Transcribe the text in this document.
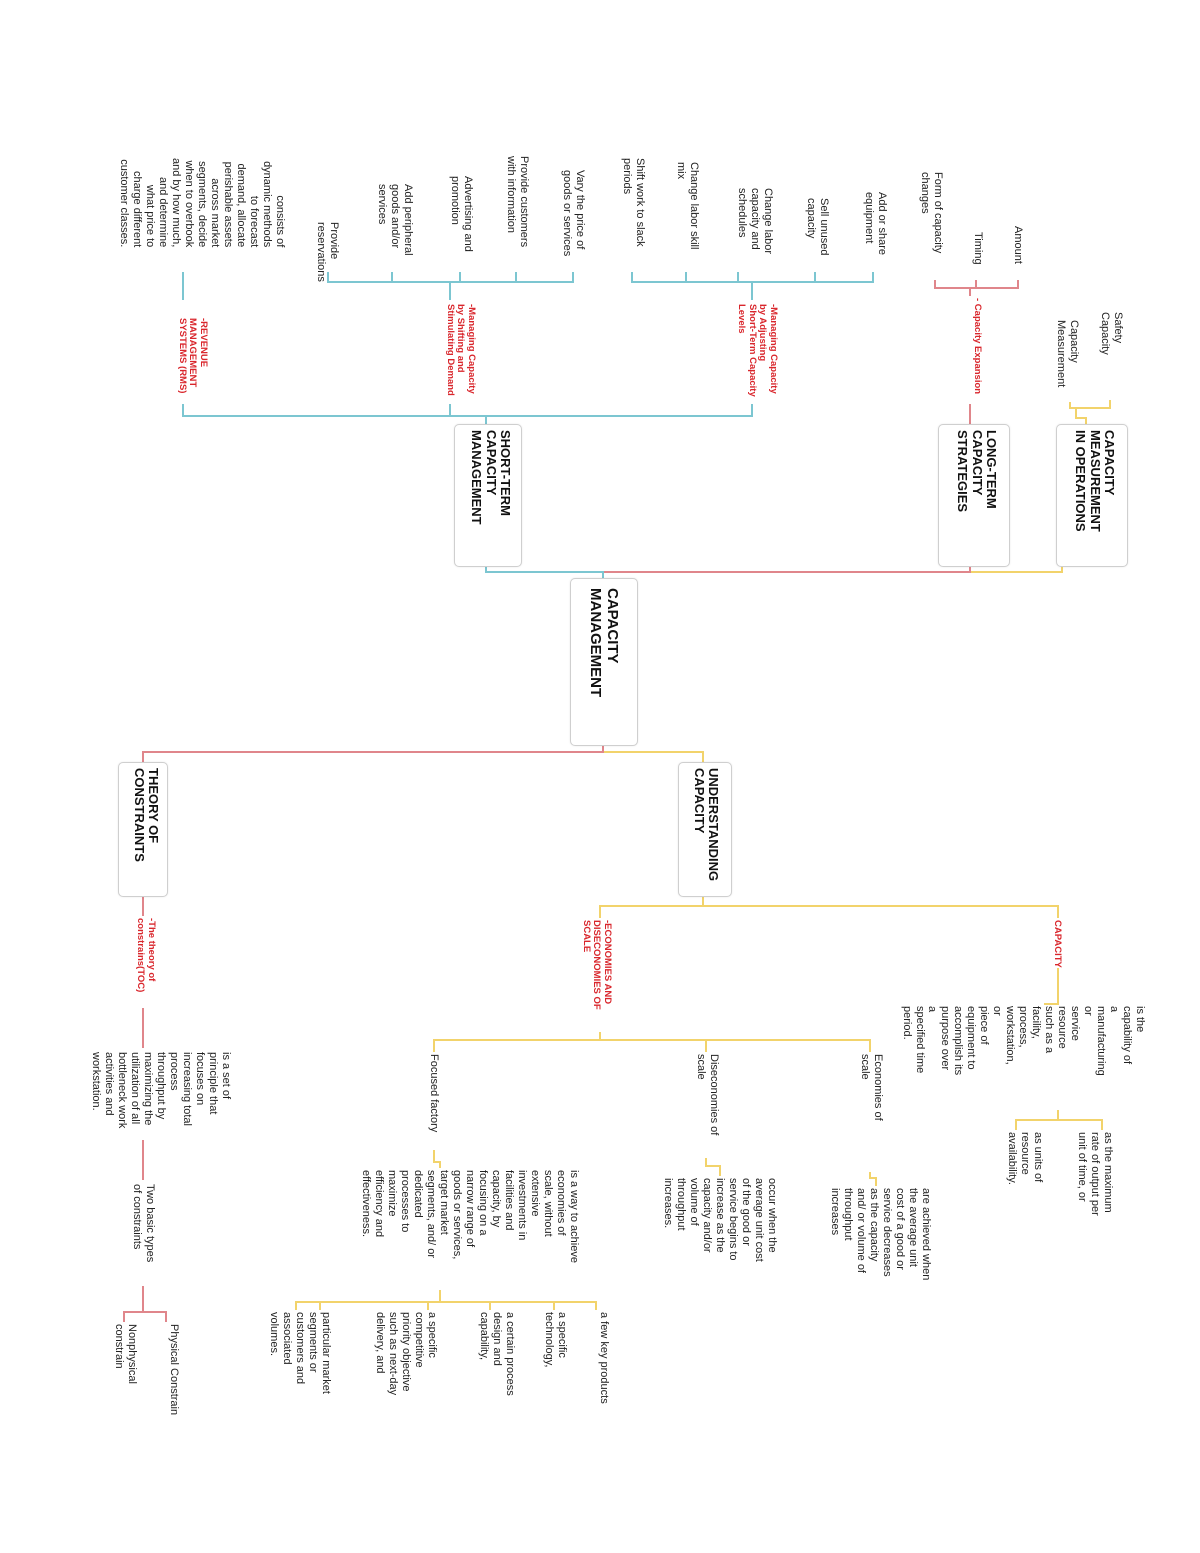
CAPACITY
MANAGEMENT
CAPACITY
MEASUREMENT
IN OPERATIONS
LONG-TERM
CAPACITY
STRATEGIES
SHORT-TERM
CAPACITY
MANAGEMENT
UNDERSTANDING
CAPACITY
THEORY OF
CONSTRAINTS
Safety Capacity
Capacity
Measurement
- Capacity Expansion
Amount
Timing
Form of capacity
changes
-Managing Capacity
by Adjusting
Short-Term Capacity
Levels
Add or share
equipment
Sell unused
capacity
Change labor
capacity and
schedules
Change labor skill
mix
Shift work to slack
periods
-Managing Capacity
by Shifting and
Stimulating Demand
Vary the price of
goods or services
Provide customers
with information
Advertising and
promotion
Add peripheral
goods and/or
services
Provide
reservations
-REVENUE
MANAGEMENT
SYSTEMS (RMS)
consists of
dynamic methods
to forecast
demand, allocate
perishable assets
across market
segments, decide
when to overbook
and by how much,
and determine
what price to
charge different
customer classes.
CAPACITY
is the capability of
a manufacturing or
service resource
such as a facility,
process,
workstation, or
piece of
equipment to
accomplish its
purpose over a
specified time
period.
as the maximum
rate of output per
unit of time, or
as units of
resource
availability.
-ECONOMIES AND
DISECONOMIES OF
SCALE
Economies of
scale
are achieved when
the average unit
cost of a good or
service decreases
as the capacity
and/ or volume of
throughput
increases
Diseconomies of
scale
occur when the
average unit cost
of the good or
service begins to
increase as the
capacity and/or
volume of
throughput
increases.
Focused factory
is a way to achieve
economies of
scale, without
extensive
investments in
facilities and
capacity, by
focusing on a
narrow range of
goods or services,
target market
segments, and/ or
dedicated
processes to
maximize
efficiency and
effectiveness.
a few key products
a specific
technology,
a certain process
design and
capability,
a specific
competitive
priority objective
such as next-day
delivery, and
particular market
segments or
customers and
associated
volumes.
-The theory of
constrains(TOC)
is a set of
principle that
focuses on
increasing total
process
throughput by
maximizing the
utilization of all
bottleneck work
activities and
workstation.
Two basic types
of constraints
Physical Constrain
Nonphysical
constrain
